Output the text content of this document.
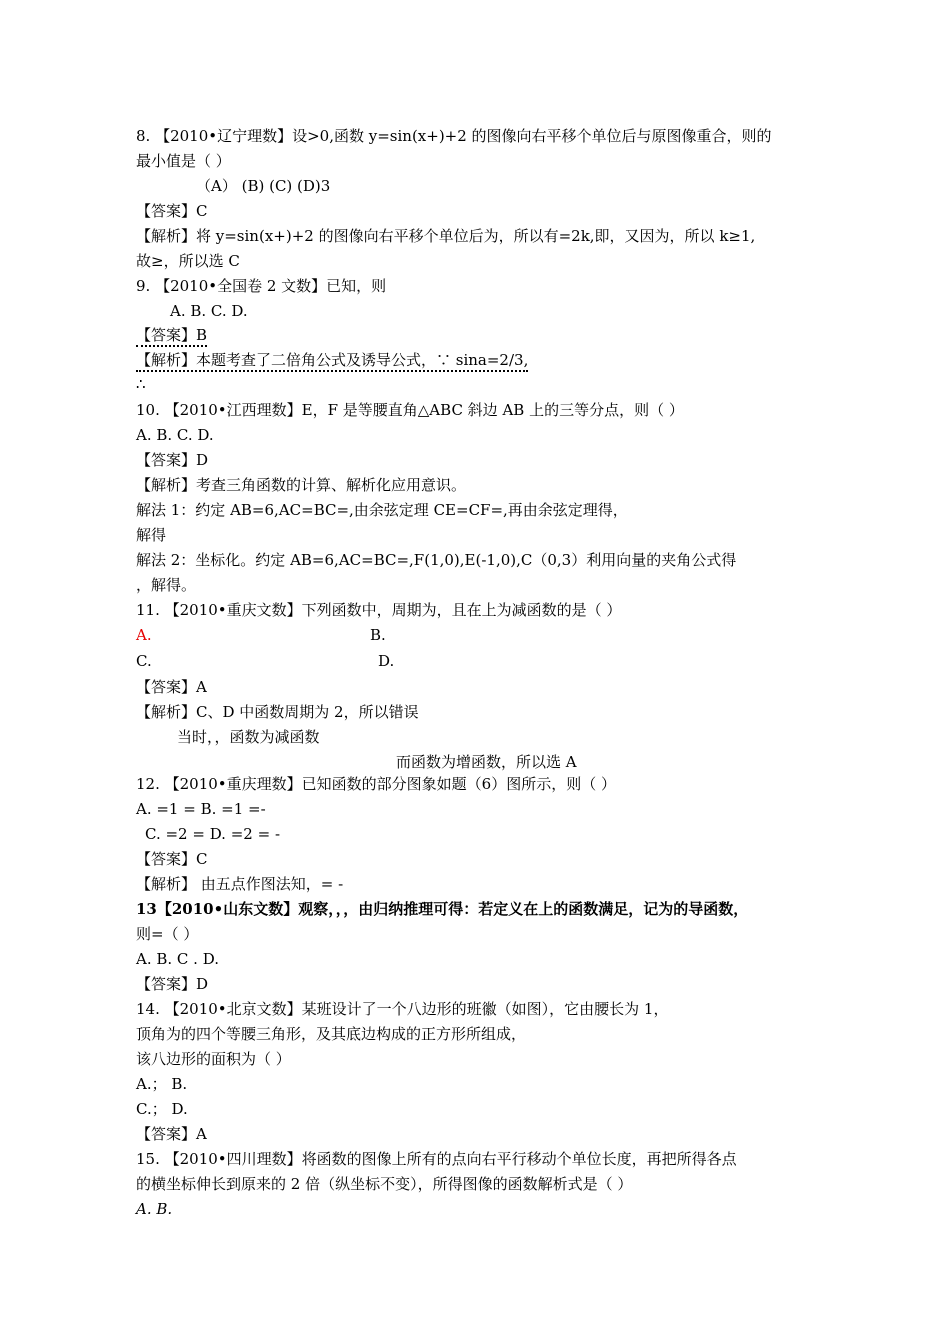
8. 【2010•辽宁理数】设>0,函数 y=sin(x+)+2 的图像向右平移个单位后与原图像重合，则的
最小值是（ ）
（A） (B) (C) (D)3
【答案】C
【解析】将 y=sin(x+)+2 的图像向右平移个单位后为，所以有=2k,即，又因为，所以 k≥1,
故≥，所以选 C
9. 【2010•全国卷 2 文数】已知，则
A. B. C. D.
【答案】B
【解析】本题考查了二倍角公式及诱导公式，∵ sina=2/3,
∴
10. 【2010•江西理数】E，F 是等腰直角△ABC 斜边 AB 上的三等分点，则（ ）
A. B. C. D.
【答案】D
【解析】考查三角函数的计算、解析化应用意识。
解法 1：约定 AB=6,AC=BC=,由余弦定理 CE=CF=,再由余弦定理得，
解得
解法 2：坐标化。约定 AB=6,AC=BC=,F(1,0),E(-1,0),C（0,3）利用向量的夹角公式得
，解得。
11. 【2010•重庆文数】下列函数中，周期为，且在上为减函数的是（ ）
A.	B.
C.	D.
【答案】A
【解析】C、D 中函数周期为 2，所以错误
当时，，函数为减函数
而函数为增函数，所以选 A
12. 【2010•重庆理数】已知函数的部分图象如题（6）图所示，则（ ）
A. =1 = B. =1 =-
C. =2 = D. =2 = -
【答案】C
【解析】 由五点作图法知，= -
13【2010•山东文数】观察，，，由归纳推理可得：若定义在上的函数满足，记为的导函数，
则=（ ）
A. B. C . D.
【答案】D
14. 【2010•北京文数】某班设计了一个八边形的班徽（如图），它由腰长为 1，
顶角为的四个等腰三角形，及其底边构成的正方形所组成，
该八边形的面积为（ ）
A.； B.
C.； D.
【答案】A
15. 【2010•四川理数】将函数的图像上所有的点向右平行移动个单位长度，再把所得各点
的横坐标伸长到原来的 2 倍（纵坐标不变），所得图像的函数解析式是（ ）
A. B.
